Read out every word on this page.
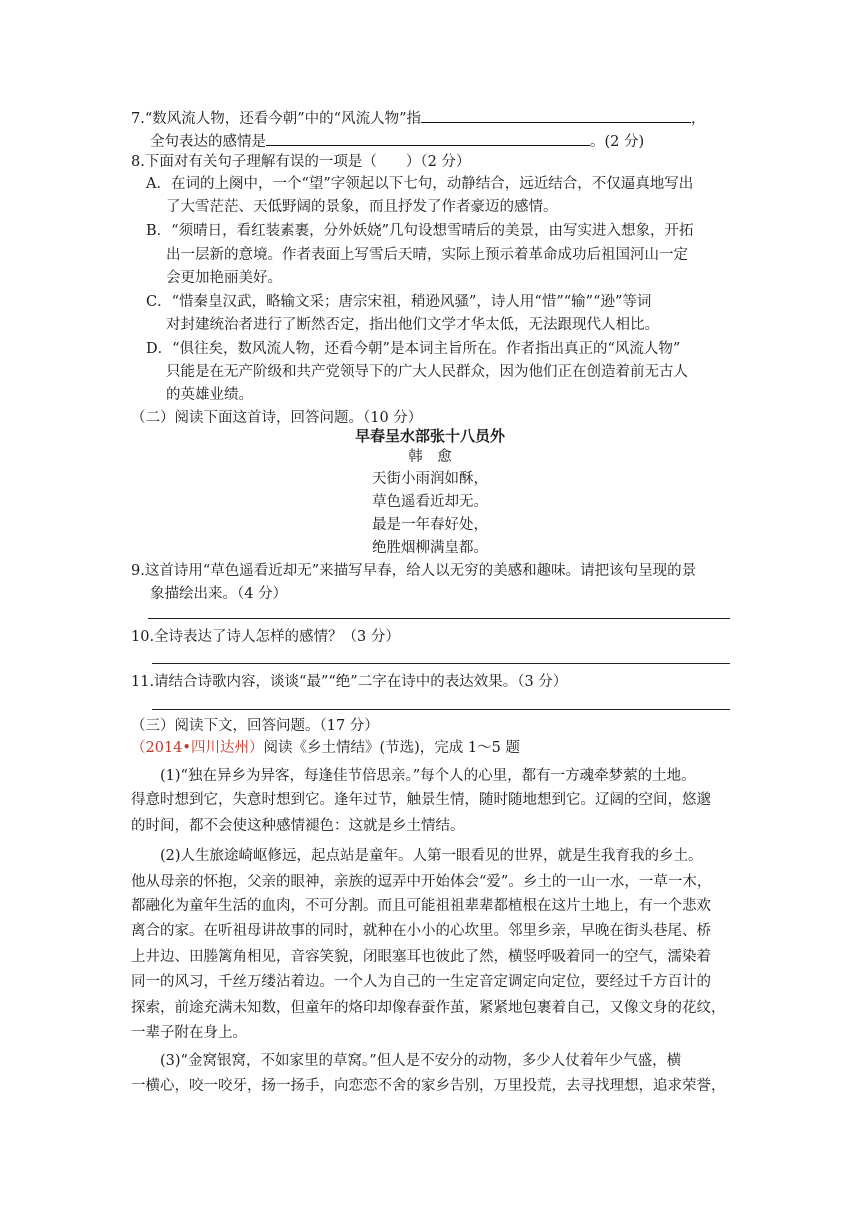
7.“数风流人物，还看今朝”中的“风流人物”指	，
全句表达的感情是	。(2 分)
8.下面对有关句子理解有误的一项是（　　）（2 分）
A．在词的上阕中，一个“望”字领起以下七句，动静结合，远近结合，不仅逼真地写出
了大雪茫茫、天低野阔的景象，而且抒发了作者豪迈的感情。
B．“须晴日，看红装素裹，分外妖娆”几句设想雪晴后的美景，由写实进入想象，开拓
出一层新的意境。作者表面上写雪后天晴，实际上预示着革命成功后祖国河山一定
会更加艳丽美好。
C．“惜秦皇汉武，略输文采；唐宗宋祖，稍逊风骚”，诗人用“惜”“输”“逊”等词
对封建统治者进行了断然否定，指出他们文学才华太低，无法跟现代人相比。
D．“俱往矣，数风流人物，还看今朝”是本词主旨所在。作者指出真正的“风流人物”
只能是在无产阶级和共产党领导下的广大人民群众，因为他们正在创造着前无古人
的英雄业绩。
（二）阅读下面这首诗，回答问题。（10 分）
早春呈水部张十八员外
韩　愈
天街小雨润如酥，
草色遥看近却无。
最是一年春好处，
绝胜烟柳满皇都。
9.这首诗用“草色遥看近却无”来描写早春，给人以无穷的美感和趣味。请把该句呈现的景
象描绘出来。（4 分）
10.全诗表达了诗人怎样的感情？（3 分）
11.请结合诗歌内容，谈谈“最”“绝”二字在诗中的表达效果。（3 分）
（三）阅读下文，回答问题。（17 分）
（2014•四川达州）阅读《乡土情结》(节选)，完成 1～5 题
(1)“独在异乡为异客，每逢佳节倍思亲。”每个人的心里，都有一方魂牵梦萦的土地。
得意时想到它，失意时想到它。逢年过节，触景生情，随时随地想到它。辽阔的空间，悠邈
的时间，都不会使这种感情褪色：这就是乡土情结。
(2)人生旅途崎岖修远，起点站是童年。人第一眼看见的世界，就是生我育我的乡土。
他从母亲的怀抱，父亲的眼神，亲族的逗弄中开始体会“爱”。乡土的一山一水，一草一木，
都融化为童年生活的血肉，不可分割。而且可能祖祖辈辈都植根在这片土地上，有一个悲欢
离合的家。在听祖母讲故事的同时，就种在小小的心坎里。邻里乡亲，早晚在街头巷尾、桥
上井边、田塍篱角相见，音容笑貌，闭眼塞耳也彼此了然，横竖呼吸着同一的空气，濡染着
同一的风习，千丝万缕沾着边。一个人为自己的一生定音定调定向定位，要经过千方百计的
探索，前途充满未知数，但童年的烙印却像春蚕作茧，紧紧地包裹着自己，又像文身的花纹，
一辈子附在身上。
(3)“金窝银窝，不如家里的草窝。”但人是不安分的动物，多少人仗着年少气盛，横
一横心，咬一咬牙，扬一扬手，向恋恋不舍的家乡告别，万里投荒，去寻找理想，追求荣誉，
